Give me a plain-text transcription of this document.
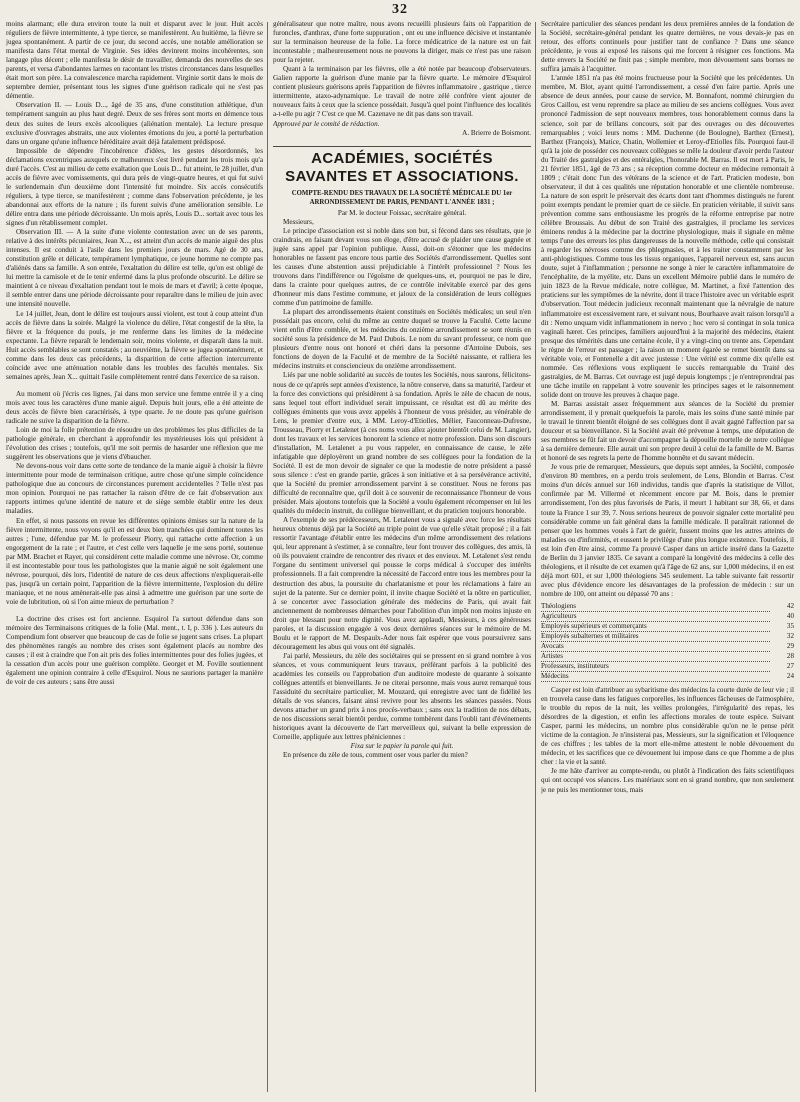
32

moins alarmant; elle dura environ toute la nuit et disparut avec le jour. Huit accès réguliers de fièvre intermittente, à type tierce, se manifestèrent. Au huitième, la fièvre se jugea spontanément. A partir de ce jour, du second accès, une notable amélioration se manifesta dans l'état mental de Virginie. Ses idées devinrent moins incohérentes, son langage plus décent ; elle manifesta le désir de travailler, demanda des nouvelles de ses parents, et versa d'abondantes larmes en racontant les tristes circonstances dans lesquelles était mort son père. La convalescence marcha rapidement. Virginie sortit dans le mois de septembre dernier, présentant tous les signes d'une guérison radicale qui ne s'est pas démentie.

Observation II. — Louis D..., âgé de 35 ans, d'une constitution athlétique, d'un tempérament sanguin au plus haut degré. Deux de ses frères sont morts en démence tous deux des suites de leurs excès alcooliques (aliénation mentale). La lecture presque exclusive d'ouvrages abstraits, une aux violentes émotions du jeu, a porté la perturbation dans un organe qu'une influence héréditaire avait déjà fatalement prédisposé.

Impossible de dépendre l'incohérence d'idées, les gestes désordonnés, les déclamations excentriques auxquels ce malheureux s'est livré pendant les trois mois qu'a duré l'accès. C'est au milieu de cette exaltation que Louis D... fut atteint, le 28 juillet, d'un accès de fièvre avec vomissements, qui dura près de vingt-quatre heures, et qui fut suivi le surlendemain d'un deuxième dont l'intensité fut moindre. Six accès consécutifs réguliers, à type tierce, se manifestèrent ; comme dans l'observation précédente, je les abandonnai aux efforts de la nature ; ils furent suivis d'une amélioration sensible. Le délire entra dans une période décroissante. Un mois après, Louis D... sortait avec tous les signes d'un rétablissement complet.

Observation III. — A la suite d'une violente contestation avec un de ses parents, relative à des intérêts pécuniaires, Jean X..., est atteint d'un accès de manie aiguë des plus intenses. Il est conduit à l'asile dans les premiers jours de mars. Agé de 30 ans, constitution grêle et délicate, tempérament lymphatique, ce jeune homme ne compte pas d'aliénés dans sa famille. A son entrée, l'exaltation du délire est telle, qu'on est obligé de lui mettre la camisole et de le tenir enfermé dans la plus profonde obscurité. Le délire se maintient à ce niveau d'exaltation pendant tout le mois de mars et d'avril; à cette époque, il semble entrer dans une période décroissante pour reparaître dans le milieu de juin avec une intensité nouvelle.

Le 14 juillet, Jean, dont le délire est toujours aussi violent, est tout à coup atteint d'un accès de fièvre dans la soirée. Malgré la violence du délire, l'état congestif de la tête, la fièvre et la fréquence du pouls, je me renferme dans les limites de la médecine expectante. La fièvre reparaît le lendemain soir, moins violente, et disparaît dans la nuit. Huit accès semblables se sont constatés ; au neuvième, la fièvre se jugea spontanément, et comme dans les deux cas précédents, la disparition de cette affection intercurrente coïncide avec une atténuation notable dans les troubles des facultés mentales. Six semaines après, Jean X... quittait l'asile complètement rentré dans l'exercice de sa raison.

Au moment où j'écris ces lignes, j'ai dans mon service une femme entrée il y a cinq mois avec tous les caractères d'une manie aiguë. Depuis huit jours, elle a été atteinte de deux accès de fièvre bien caractérisés, à type quarte. Je ne doute pas qu'une guérison radicale ne suive la disparition de la fièvre.

Loin de moi la folle prétention de résoudre un des problèmes les plus difficiles de la pathologie générale, en cherchant à approfondir les mystérieuses lois qui président à l'évolution des crises ; toutefois, qu'il me soit permis de hasarder une réflexion que me suggèrent les observations que je viens d'ébaucher.

Ne devons-nous voir dans cette sorte de tendance de la manie aiguë à choisir la fièvre intermittente pour mode de terminaison critique, autre chose qu'une simple coïncidence pathologique due au concours de circonstances purement accidentelles ? Telle n'est pas mon opinion. Pourquoi ne pas rattacher la raison d'être de ce fait d'observation aux rapports intimes qu'une identité de nature et de siège semble établir entre les deux maladies.

En effet, si nous passons en revue les différentes opinions émises sur la nature de la fièvre intermittente, nous voyons qu'il en est deux bien tranchées qui dominent toutes les autres ; l'une, défendue par M. le professeur Piorry, qui rattache cette affection à un engorgement de la rate ; et l'autre, et c'est celle vers laquelle je me sens porté, soutenue par MM. Brachet et Rayer, qui considèrent cette maladie comme une névrose. Or, comme il est incontestable pour tous les pathologistes que la manie aiguë ne soit également une névrose, pourquoi, dès lors, l'identité de nature de ces deux affections n'expliquerait-elle pas, jusqu'à un certain point, l'apparition de la fièvre intermittente, l'explosion du délire maniaque, et ne nous amènerait-elle pas ainsi à admettre une guérison par une sorte de voie de lubritution, où si l'on aime mieux de perturbation ?

La doctrine des crises est fort ancienne. Esquirol l'a surtout défendue dans son mémoire des Terminaisons critiques de la folie (Mal. ment., t. I, p. 336 ). Les auteurs du Compendium font observer que beaucoup de cas de folie se jugent sans crises. La plupart des phénomènes rangés au nombre des crises sont également placés au nombre des causes ; il est à craindre que l'on ait pris des folies intermittentes pour des folies jugées, et la cessation d'un accès pour une guérison complète. Georget et M. Foville soutiennent également une opinion contraire à celle d'Esquirol. Nous ne saurions partager la manière de voir de ces auteurs ; sans être aussi

généralisateur que notre maître, nous avons recueilli plusieurs faits où l'apparition de furoncles, d'anthrax, d'une forte suppuration , ont eu une influence décisive et instantanée sur la terminaison heureuse de la folie. La force médicatrice de la nature est un fait incontestable ; malheureusement nous ne pouvons la diriger, mais ce n'est pas une raison pour la rejeter.

Quant à la terminaison par les fièvres, elle a été notée par beaucoup d'observateurs. Galien rapporte la guérison d'une manie par la fièvre quarte. Le mémoire d'Esquirol contient plusieurs guérisons après l'apparition de fièvres inflammatoire , gastrique , tierce intermittente, ataxo-adynamique. Le travail de notre zélé confrère vient ajouter de nouveaux faits à ceux que la science possédait. Jusqu'à quel point l'influence des localités a-t-elle pu agir ? C'est ce que M. Cazenave ne dit pas dans son travail.

Approuvé par le comité de rédaction.

A. Brierre de Boismont.

ACADÉMIES, SOCIÉTÉS SAVANTES ET ASSOCIATIONS.
COMPTE-RENDU DES TRAVAUX DE LA SOCIÉTÉ MÉDICALE DU 1er ARRONDISSEMENT DE PARIS, PENDANT L'ANNÉE 1831 ;

Par M. le docteur Foissac, secrétaire général.

Messieurs,

Le principe d'association est si noble dans son but, si fécond dans ses résultats, que je craindrais, en faisant devant vous son éloge, d'être accusé de plaider une cause gagnée et jugée sans appel par l'opinion publique. Aussi, doit-on s'étonner que les médecins honorables ne fassent pas encore tous partie des Sociétés d'arrondissement. Quelles sont les causes d'une abstention aussi préjudiciable à l'intérêt professionnel ? Nous les trouvons dans l'indifférence ou l'égoïsme de quelques-uns, et, pourquoi ne pas le dire, dans la crainte pour quelques autres, de ce contrôle inévitable exercé par des gens d'honneur mis dans l'estime commune, et jaloux de la considération de leurs collègues comme d'un patrimoine de famille.

La plupart des arrondissements étaient constitués en Sociétés médicales; un seul n'en possédait pas encore, celui du même au centre duquel se trouve la Faculté. Cette lacune vient enfin d'être comblée, et les médecins du onzième arrondissement se sont réunis en société sous la présidence de M. Paul Dubois. Le nom du savant professeur, ce nom que plusieurs d'entre nous ont honoré et chéri dans la personne d'Antoine Dubois, ses fonctions de doyen de la Faculté et de membre de la Société naissante, et ralliera les médecins instruits et consciencieux du onzième arrondissement.

Liés par une noble solidarité au succès de toutes les Sociétés, nous saurons, félicitons-nous de ce qu'après sept années d'existence, la nôtre conserve, dans sa maturité, l'ardeur et la force des convictions qui présidèrent à sa fondation. Après le zèle de chacun de nous, sans lequel tout effort individuel serait impuissant, ce résultat est dû au mérite des collègues éminents que vous avez appelés à l'honneur de vous présider, au vénérable de Lens, le premier d'entre eux, à MM. Leroy-d'Etiolles, Mélier, Fauconneau-Dufresne, Trousseau, Piorry et Letalenet (à ces noms vous allez ajouter bientôt celui de M. Langier), dont les travaux et les services honorent la science et notre profession. Dans son discours d'installation, M. Letalenet a pu vous rappeler, en connaissance de cause, le zèle infatigable que déployèrent un grand nombre de ses collègues pour la fondation de la Société. Il est de mon devoir de signaler ce que la modestie de notre président a passé sous silence : c'est en grande partie, grâces à son initiative et à sa persévérance activité, que la Société du premier arrondissement parvint à se constituer. Nous ne ferons pas difficulté de reconnaître que, qu'il doit à ce souvenir de reconnaissance l'honneur de vous présider. Mais ajoutons toutefois que la Société a voulu également récompenser en lui les qualités du médecin instruit, du collègue bienveillant, et du praticien toujours honorable.

A l'exemple de ses prédécesseurs, M. Letalenet vous a signalé avec force les résultats heureux obtenus déjà par la Société au triple point de vue qu'elle s'était proposé ; il a fait ressortir l'avantage d'établir entre les médecins d'un même arrondissement des relations qui, leur apprenant à s'estimer, à se connaître, leur font trouver des collègues, des amis, là où ils pouvaient craindre de rencontrer des rivaux et des envieux. M. Letalenet s'est rendu l'organe du sentiment universel qui pousse le corps médical à s'occuper des intérêts professionnels. Il a fait comprendre la nécessité de l'accord entre tous les membres pour la destruction des abus, la poursuite du charlatanisme et pour les réclamations à faire au sujet de la patente. Sur ce dernier point, il invite chaque Société et la nôtre en particulier, à se concerter avec l'association générale des médecins de Paris, qui avait fait anciennement de nombreuses démarches pour l'abolition d'un impôt non moins injuste en droit que blessant pour notre dignité. Vous avez applaudi, Messieurs, à ces généreuses paroles, et la discussion engagée à vos deux dernières séances sur le mémoire de M. Boulu et le rapport de M. Despaulx-Ader nous fait espérer que vous poursuivrez sans découragement les abus qui vous ont été signalés.

J'ai parlé, Messieurs, du zèle des sociétaires qui se pressent en si grand nombre à vos séances, et vous communiquent leurs travaux, préférant parfois à la publicité des académies les conseils ou l'approbation d'un auditoire modeste de quarante à soixante collègues attentifs et bienveillants. Je ne citerai personne, mais vous aurez remarqué tous l'assiduité du secrétaire particulier, M. Mouzard, qui enregistre avec tant de fidélité les détails de vos séances, faisant ainsi revivre pour les absents les séances passées. Nous devons attacher un grand prix à nos procès-verbaux ; sans eux la tradition de nos débats, de nos discussions serait bientôt perdue, comme tombèrent dans l'oubli tant d'événements historiques avant la découverte de l'art merveilleux qui, suivant la belle expression de Corneille, appliquée aux lettres phéniciennes :

Fixa sur le papier la parole qui fuit.

En présence du zèle de tous, comment oser vous parler du mien?

Secrétaire particulier des séances pendant les deux premières années de la fondation de la Société, secrétaire-général pendant les quatre dernières, ne vous devais-je pas en retour, des efforts continuels pour justifier tant de confiance ? Dans une séance précédente, je vous ai exposé les raisons qui me forcent à résigner ces fonctions. Ma dette envers la Société ne finit pas ; simple membre, mon dévouement sans bornes ne suffira jamais à l'acquitter.

L'année 1851 n'a pas été moins fructueuse pour la Société que les précédentes. Un membre, M. Blot, ayant quitté l'arrondissement, a cessé d'en faire partie. Après une absence de deux années, pour cause de service, M. Bonnafont, nommé chirurgien du Gros Caillou, est venu reprendre sa place au milieu de ses anciens collègues. Vous avez prononcé l'admission de sept nouveaux membres, tous honorablement connus dans la science, soit par de brillans concours, soit par des ouvrages ou des découvertes remarquables ; voici leurs noms : MM. Duchenne (de Boulogne), Barthez (Ernest), Barthez (François), Matice, Chatin, Wollemier et Leroy-d'Etiolles fils. Pourquoi faut-il qu'à la joie de posséder ces nouveaux collègues se mêle la douleur d'avoir perdu l'auteur du Traité des gastralgies et des entéralgies, l'honorable M. Barras. Il est mort à Paris, le 21 février 1851, âgé de 73 ans ; sa réception comme docteur en médecine remontait à 1809 ; c'était donc l'un des vétérans de la science et de l'art. Praticien modeste, bon observateur, il dut à ces qualités une réputation honorable et une clientèle nombreuse. La nature de son esprit le préservait des écarts dont tant d'hommes distingués ne furent point exempts pendant le premier quart de ce siècle. En praticien véritable, il suivit sans prévention comme sans enthousiasme les progrès de la réforme entreprise par notre célèbre Broussais. Au début de son Traité des gastralgies, il proclame les services éminens rendus à la médecine par la doctrine physiologique, mais il signale en même temps l'une des erreurs les plus dangereuses de la nouvelle méthode, celle qui consistait à regarder les névroses comme des phlegmasies, et à les traiter constamment par les anti-phlogistiques. Comme tous les tissus organiques, l'appareil nerveux est, sans aucun doute, sujet à l'inflammation ; personne ne songe à nier le caractère inflammatoire de l'encéphalite, de la myélite, etc. Dans un excellent Mémoire publié dans le numéro de juin 1823 de la Revue médicale, notre collègue, M. Martinet, a fixé l'attention des praticiens sur les symptômes de la névrite, dont il trace l'histoire avec un véritable esprit d'observation. Tout médecin judicieux reconnaît maintenant que la névralgie de nature inflammatoire est excessivement rare, et suivant nous, Bourhaave avait raison lorsqu'il a dit : Nemo unquam vidit inflammationem in nervo ; hoc vero si contingat in sola tunica vaginali hæret. Ces principes, familiers aujourd'hui à la majorité des médecins, étaient presque des témérités dans une certaine école, il y a vingt-cinq ou trente ans. Cependant le règne de l'erreur est passager ; la raison un moment égarée se remet bientôt dans sa véritable voie, et Fontenelle a dit avec justesse : Une vérité est comme dix qu'elle est nommée. Ces réflexions vous expliquent le succès remarquable du Traité des gastralgies, de M. Barras. Cet ouvrage est jugé depuis longtemps ; je n'entreprendrai pas une tâche inutile en rappelant à votre souvenir les principes sages et le raisonnement solide dont on trouve les preuves à chaque page.

M. Barras assistait assez fréquemment aux séances de la Société du premier arrondissement, il y prenait quelquefois la parole, mais les soins d'une santé minée par le travail le tinrent bientôt éloigné de ses collègues dont il avait gagné l'affection par sa douceur et sa bienveillance. Si la Société avait été prévenue à temps, une députation de ses membres se fût fait un devoir d'accompagner la dépouille mortelle de notre collègue à sa dernière demeure. Elle aurait uni son propre deuil à celui de la famille de M. Barras et honoré de ses regrets la perte de l'homme honnête et du savant médecin.

Je vous prie de remarquer, Messieurs, que depuis sept années, la Société, composée d'environ 80 membres, en a perdu trois seulement, de Lens, Blondin et Barras. C'est moins d'un décès annuel sur 160 individus, tandis que d'après la statistique de Villot, confirmée par M. Villermé et récemment encore par M. Bois, dans le premier arrondissement, l'on des plus favorisés de Paris, il meurt 1 habitant sur 38, 66, et dans toute la France 1 sur 39, 7. Nous serions heureux de pouvoir signaler cette mortalité peu considérable comme un fait général dans la famille médicale. Il paraîtrait rationnel de penser que les hommes voués à l'art de guérir, fussent moins que les autres atteints de maladies ou d'infirmités, et eussent le privilège d'une plus longue existence. Toutefois, il est loin d'en être ainsi, comme l'a prouvé Casper dans un article inséré dans la Gazette de Berlin du 3 janvier 1835. Ce savant a comparé la longévité des médecins à celle des théologiens, et il résulte de cet examen qu'à l'âge de 62 ans, sur 1,000 médecins, il en est déjà mort 601, et sur 1,000 théologiens 345 seulement. La table suivante fait ressortir avec plus d'évidence encore les désavantages de la profession de médecin : sur un nombre de 100, ont atteint ou dépassé 70 ans :

Théologiens	42
Agriculteurs	40
Employés supérieurs et commerçants	35
Employés subalternes et militaires	32
Avocats	29
Artistes	28
Professeurs, instituteurs	27
Médecins	24

Casper est loin d'attribuer au sybaritisme des médecins la courte durée de leur vie ; il en trouvela cause dans les fatigues corporelles, les influences fâcheuses de l'atmosphère, le trouble du repos de la nuit, les veilles prolongées, l'irrégularité des repas, les désordres de la digestion, et enfin les affections morales de toute espèce. Suivant Casper, parmi les médecins, un nombre plus considérable qu'on ne le pense périt victime de la contagion. Je n'insisterai pas, Messieurs, sur la signification et l'éloquence de ces chiffres ; les tables de la mort elle-même attestent le noble dévouement du médecin, et les sacrifices que ce dévouement lui impose dans ce que l'homme a de plus cher : la vie et la santé.

Je me hâte d'arriver au compte-rendu, ou plutôt à l'indication des faits scientifiques qui ont occupé vos séances. Les matériaux sont en si grand nombre, que non seulement je ne puis les mentionner tous, mais
